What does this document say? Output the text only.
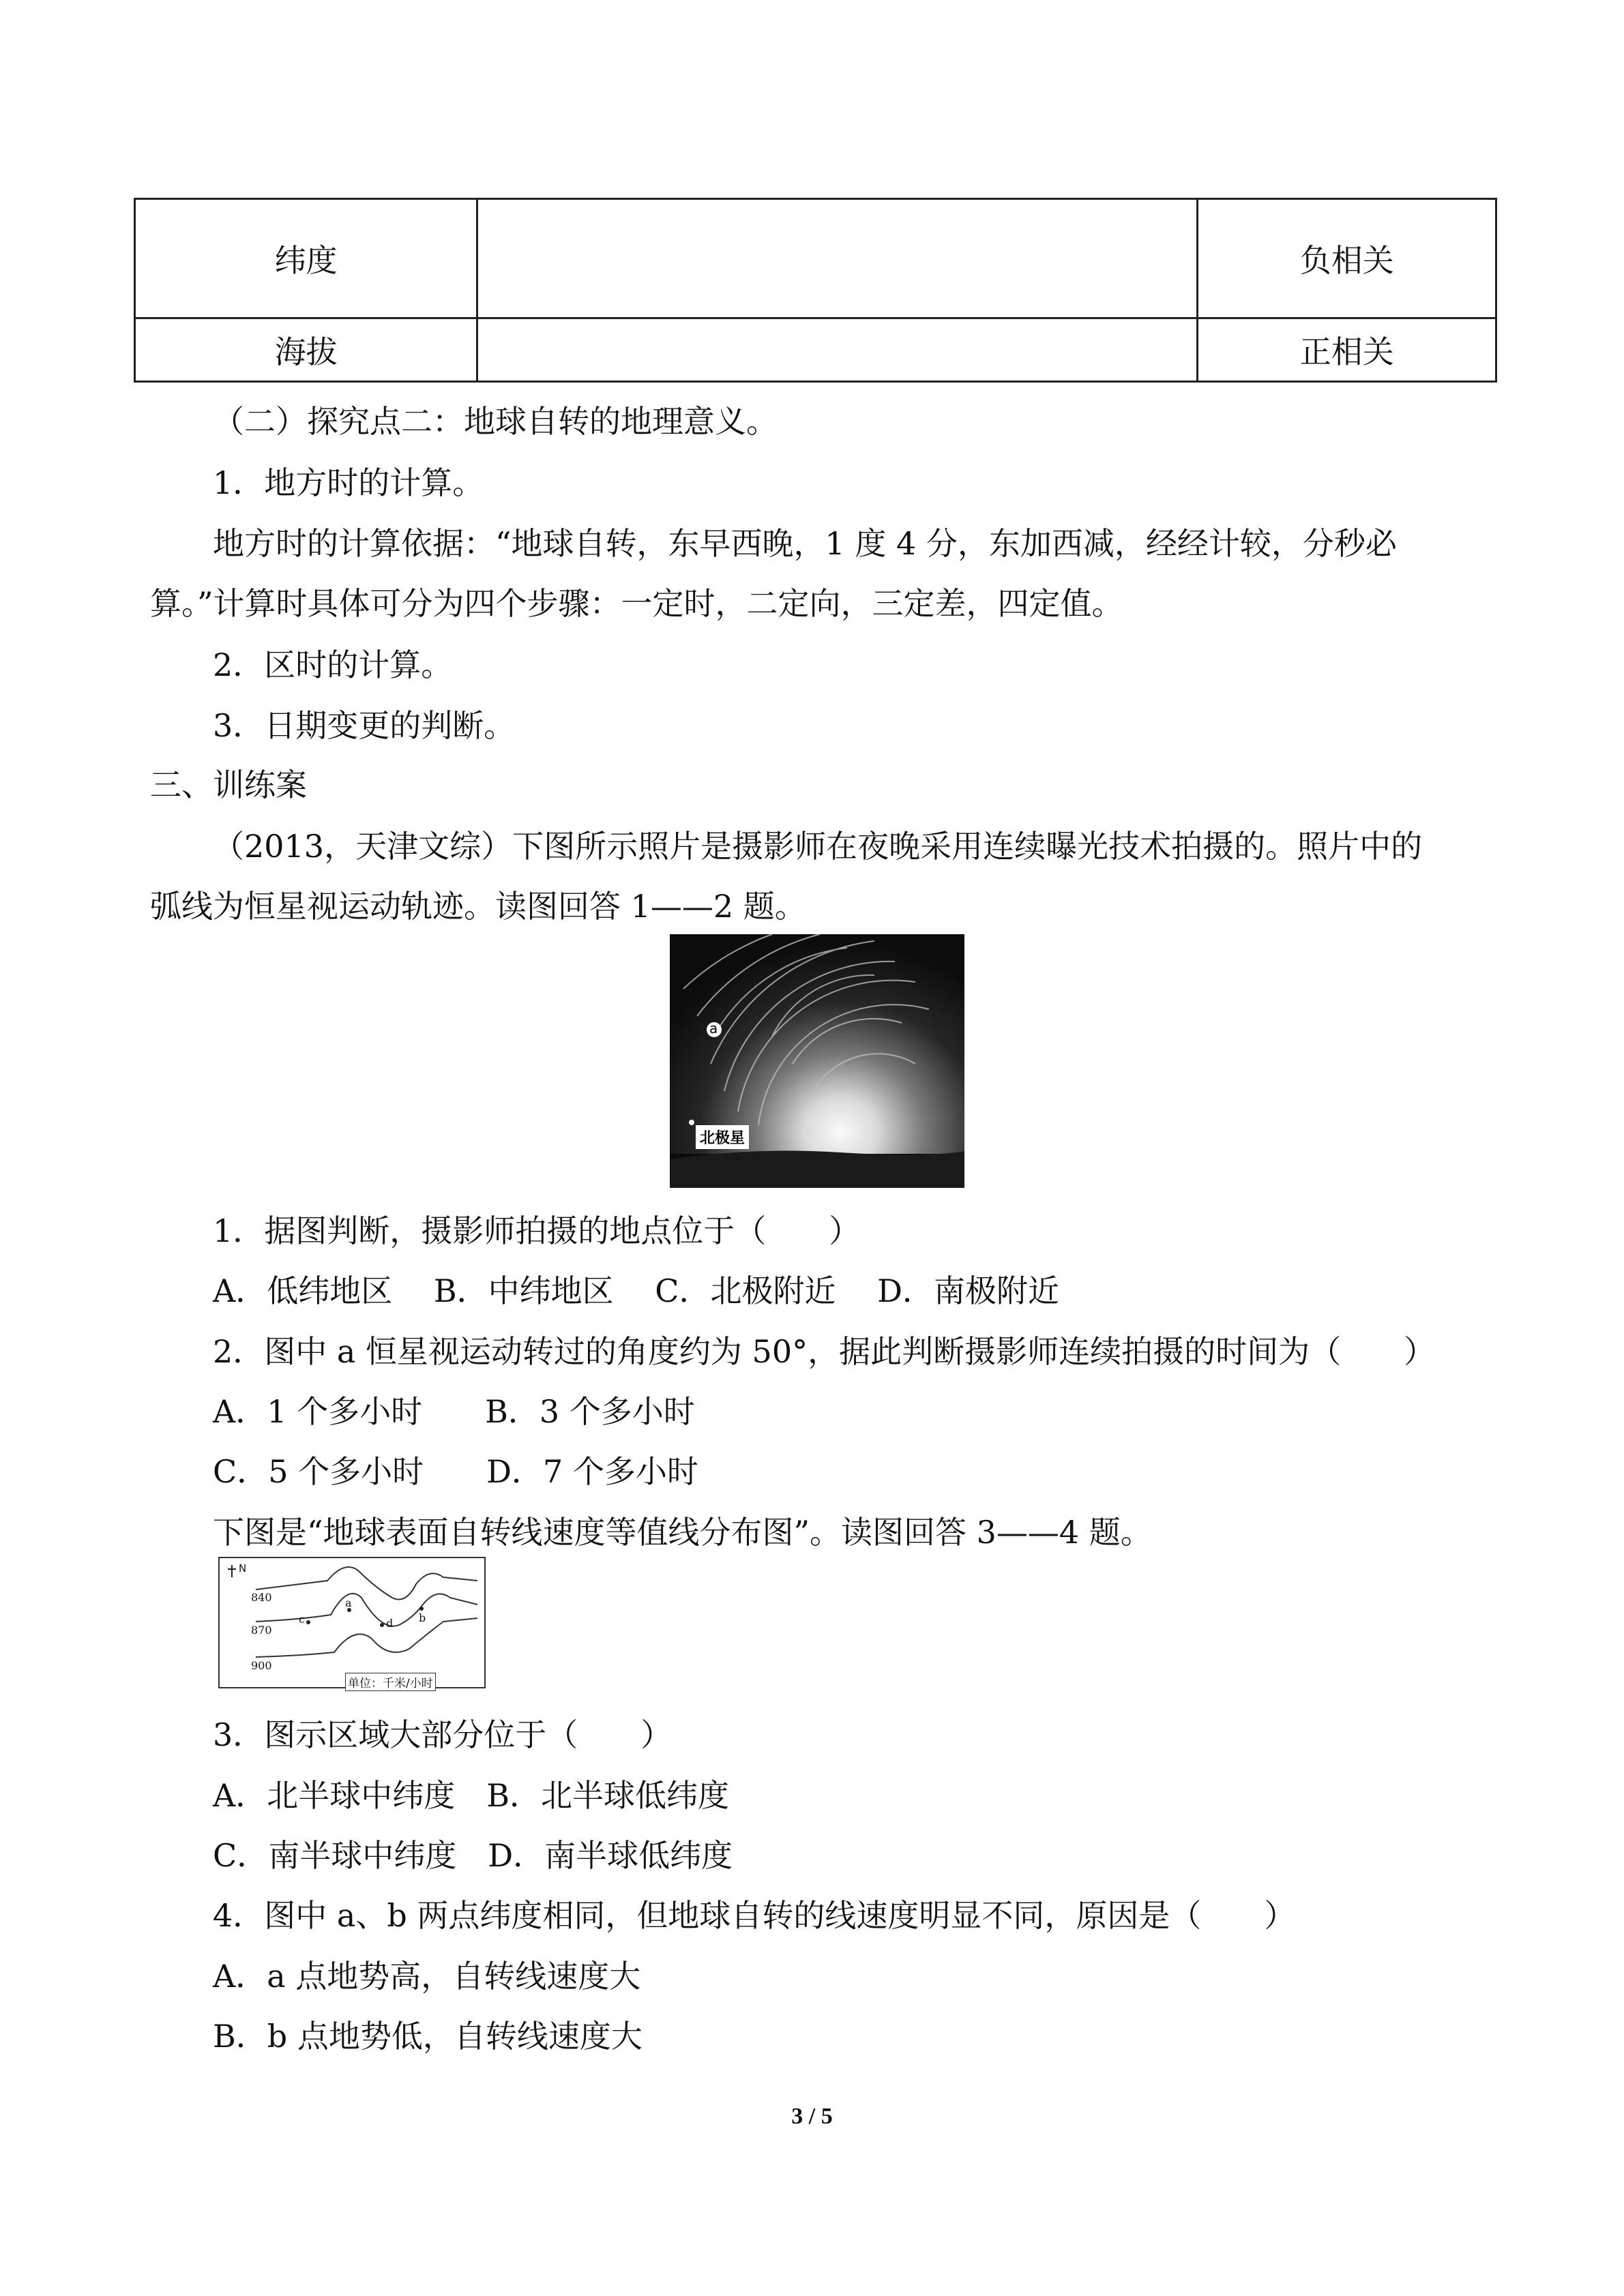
纬度		负相关
海拔		正相关
（二）探究点二：地球自转的地理意义。
1．地方时的计算。
地方时的计算依据：“地球自转，东早西晚，1 度 4 分，东加西减，经经计较，分秒必
算。”计算时具体可分为四个步骤：一定时，二定向，三定差，四定值。
2．区时的计算。
3．日期变更的判断。
三、训练案
（2013，天津文综）下图所示照片是摄影师在夜晚采用连续曝光技术拍摄的。照片中的
弧线为恒星视运动轨迹。读图回答 1——2 题。
a
北极星
1．据图判断，摄影师拍摄的地点位于（　　）
A．低纬地区　 B．中纬地区　 C．北极附近　 D．南极附近
2．图中 a 恒星视运动转过的角度约为 50°，据此判断摄影师连续拍摄的时间为（　　）
A．1 个多小时　　B．3 个多小时
C．5 个多小时　　D．7 个多小时
下图是“地球表面自转线速度等值线分布图”。读图回答 3——4 题。
N
840
870
900
c
a
d b
单位：千米/小时
3．图示区域大部分位于（　　）
A．北半球中纬度　B．北半球低纬度
C．南半球中纬度　D．南半球低纬度
4．图中 a、b 两点纬度相同，但地球自转的线速度明显不同，原因是（　　）
A．a 点地势高，自转线速度大
B．b 点地势低，自转线速度大
3 / 5
